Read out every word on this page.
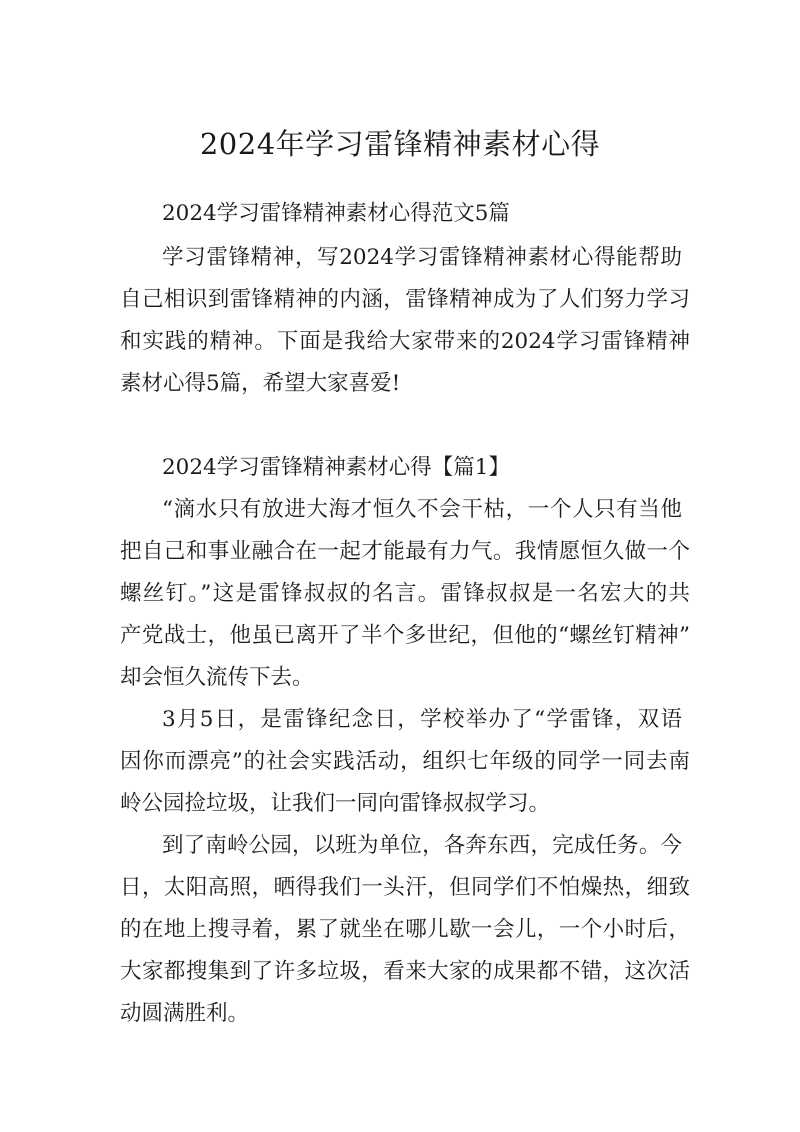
2024年学习雷锋精神素材心得
2024学习雷锋精神素材心得范文5篇
学习雷锋精神，写2024学习雷锋精神素材心得能帮助
自己相识到雷锋精神的内涵，雷锋精神成为了人们努力学习
和实践的精神。下面是我给大家带来的2024学习雷锋精神
素材心得5篇，希望大家喜爱!
2024学习雷锋精神素材心得【篇1】
“滴水只有放进大海才恒久不会干枯，一个人只有当他
把自己和事业融合在一起才能最有力气。我情愿恒久做一个
螺丝钉。”这是雷锋叔叔的名言。雷锋叔叔是一名宏大的共
产党战士，他虽已离开了半个多世纪，但他的“螺丝钉精神”
却会恒久流传下去。
3月5日，是雷锋纪念日，学校举办了“学雷锋，双语
因你而漂亮”的社会实践活动，组织七年级的同学一同去南
岭公园捡垃圾，让我们一同向雷锋叔叔学习。
到了南岭公园，以班为单位，各奔东西，完成任务。今
日，太阳高照，晒得我们一头汗，但同学们不怕燥热，细致
的在地上搜寻着，累了就坐在哪儿歇一会儿，一个小时后，
大家都搜集到了许多垃圾，看来大家的成果都不错，这次活
动圆满胜利。
